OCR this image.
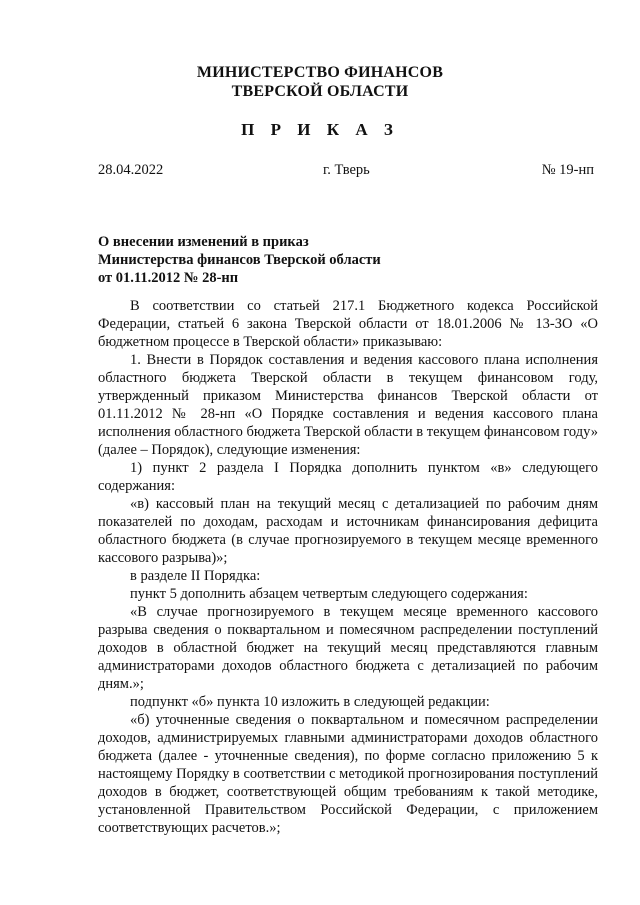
МИНИСТЕРСТВО ФИНАНСОВ
ТВЕРСКОЙ ОБЛАСТИ
П Р И К А З
28.04.2022	г. Тверь	№ 19-нп
О внесении изменений в приказ
Министерства финансов Тверской области
от 01.11.2012 № 28-нп

В соответствии со статьей 217.1 Бюджетного кодекса Российской Федерации, статьей 6 закона Тверской области от 18.01.2006 № 13-ЗО «О бюджетном процессе в Тверской области» приказываю:

1. Внести в Порядок составления и ведения кассового плана исполнения областного бюджета Тверской области в текущем финансовом году, утвержденный приказом Министерства финансов Тверской области от 01.11.2012 № 28-нп «О Порядке составления и ведения кассового плана исполнения областного бюджета Тверской области в текущем финансовом году» (далее – Порядок), следующие изменения:

1) пункт 2 раздела I Порядка дополнить пунктом «в» следующего содержания:

«в) кассовый план на текущий месяц с детализацией по рабочим дням показателей по доходам, расходам и источникам финансирования дефицита областного бюджета (в случае прогнозируемого в текущем месяце временного кассового разрыва)»;

в разделе II Порядка:

пункт 5 дополнить абзацем четвертым следующего содержания:

«В случае прогнозируемого в текущем месяце временного кассового разрыва сведения о поквартальном и помесячном распределении поступлений доходов в областной бюджет на текущий месяц представляются главным администраторами доходов областного бюджета с детализацией по рабочим дням.»;

подпункт «б» пункта 10 изложить в следующей редакции:

«б) уточненные сведения о поквартальном и помесячном распределении доходов, администрируемых главными администраторами доходов областного бюджета (далее - уточненные сведения), по форме согласно приложению 5 к настоящему Порядку в соответствии с методикой прогнозирования поступлений доходов в бюджет, соответствующей общим требованиям к такой методике, установленной Правительством Российской Федерации, с приложением соответствующих расчетов.»;
